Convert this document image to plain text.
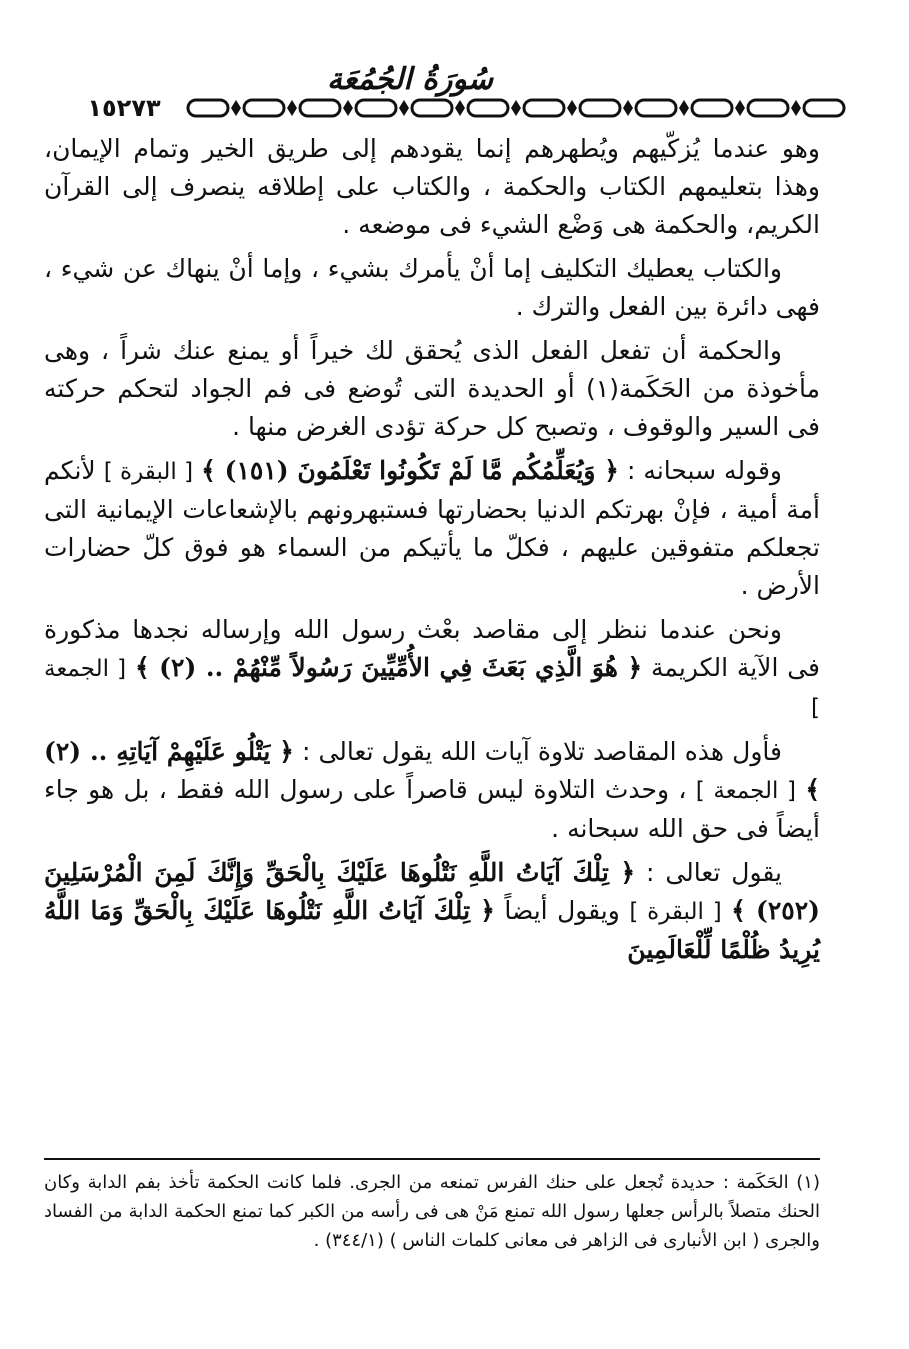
سُورَةُ الجُمُعَة
١٥٢٧٣

وهو عندما يُزكّيهم ويُطهرهم إنما يقودهم إلى طريق الخير وتمام الإيمان، وهذا بتعليمهم الكتاب والحكمة ، والكتاب على إطلاقه ينصرف إلى القرآن الكريم، والحكمة هى وَضْع الشيء فى موضعه .

والكتاب يعطيك التكليف إما أنْ يأمرك بشيء ، وإما أنْ ينهاك عن شيء ، فهى دائرة بين الفعل والترك .

والحكمة أن تفعل الفعل الذى يُحقق لك خيراً أو يمنع عنك شراً ، وهى مأخوذة من الحَكَمة(١) أو الحديدة التى تُوضع فى فم الجواد لتحكم حركته فى السير والوقوف ، وتصبح كل حركة تؤدى الغرض منها .

وقوله سبحانه : ﴿ وَيُعَلِّمُكُم مَّا لَمْ تَكُونُوا تَعْلَمُونَ (١٥١) ﴾ [ البقرة ] لأنكم أمة أمية ، فإنْ بهرتكم الدنيا بحضارتها فستبهرونهم بالإشعاعات الإيمانية التى تجعلكم متفوقين عليهم ، فكلّ ما يأتيكم من السماء هو فوق كلّ حضارات الأرض .

ونحن عندما ننظر إلى مقاصد بعْث رسول الله وإرساله نجدها مذكورة فى الآية الكريمة ﴿ هُوَ الَّذِي بَعَثَ فِي الأُمِّيِّينَ رَسُولاً مِّنْهُمْ .. (٢) ﴾ [ الجمعة ]

فأول هذه المقاصد تلاوة آيات الله يقول تعالى : ﴿ يَتْلُو عَلَيْهِمْ آيَاتِهِ .. (٢) ﴾ [ الجمعة ] ، وحدث التلاوة ليس قاصراً على رسول الله فقط ، بل هو جاء أيضاً فى حق الله سبحانه .

يقول تعالى : ﴿ تِلْكَ آيَاتُ اللَّهِ نَتْلُوهَا عَلَيْكَ بِالْحَقِّ وَإِنَّكَ لَمِنَ الْمُرْسَلِينَ (٢٥٢) ﴾ [ البقرة ] ويقول أيضاً ﴿ تِلْكَ آيَاتُ اللَّهِ نَتْلُوهَا عَلَيْكَ بِالْحَقِّ وَمَا اللَّهُ يُرِيدُ ظُلْمًا لِّلْعَالَمِينَ

(١) الحَكَمة : حديدة تُجعل على حنك الفرس تمنعه من الجرى. فلما كانت الحكمة تأخذ بفم الدابة وكان الحنك متصلاً بالرأس جعلها رسول الله تمنع مَنْ هى فى رأسه من الكبر كما تمنع الحكمة الدابة من الفساد والجرى ( ابن الأنبارى فى الزاهر فى معانى كلمات الناس ) (٣٤٤/١) .
